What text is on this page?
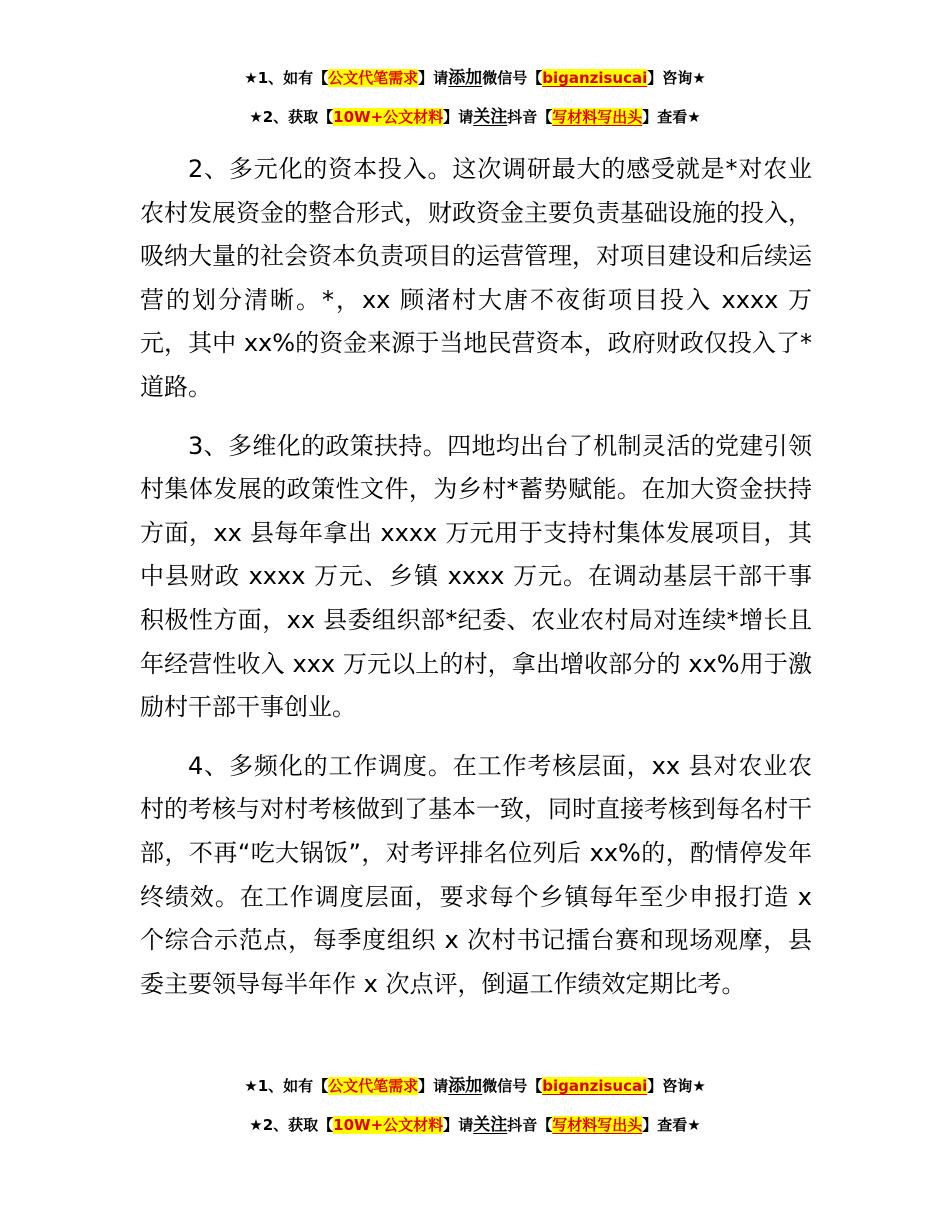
★1、如有【公文代笔需求】请添加微信号【biganzisucai】咨询★
★2、获取【10W+公文材料】请关注抖音【写材料写出头】查看★

2、多元化的资本投入。这次调研最大的感受就是*对农业农村发展资金的整合形式，财政资金主要负责基础设施的投入，吸纳大量的社会资本负责项目的运营管理，对项目建设和后续运营的划分清晰。*，xx 顾渚村大唐不夜街项目投入 xxxx 万元，其中 xx%的资金来源于当地民营资本，政府财政仅投入了*道路。

3、多维化的政策扶持。四地均出台了机制灵活的党建引领村集体发展的政策性文件，为乡村*蓄势赋能。在加大资金扶持方面，xx 县每年拿出 xxxx 万元用于支持村集体发展项目，其中县财政 xxxx 万元、乡镇 xxxx 万元。在调动基层干部干事积极性方面，xx 县委组织部*纪委、农业农村局对连续*增长且年经营性收入 xxx 万元以上的村，拿出增收部分的 xx%用于激励村干部干事创业。

4、多频化的工作调度。在工作考核层面，xx 县对农业农村的考核与对村考核做到了基本一致，同时直接考核到每名村干部，不再“吃大锅饭”，对考评排名位列后 xx%的，酌情停发年终绩效。在工作调度层面，要求每个乡镇每年至少申报打造 x 个综合示范点，每季度组织 x 次村书记擂台赛和现场观摩，县委主要领导每半年作 x 次点评，倒逼工作绩效定期比考。

★1、如有【公文代笔需求】请添加微信号【biganzisucai】咨询★
★2、获取【10W+公文材料】请关注抖音【写材料写出头】查看★
